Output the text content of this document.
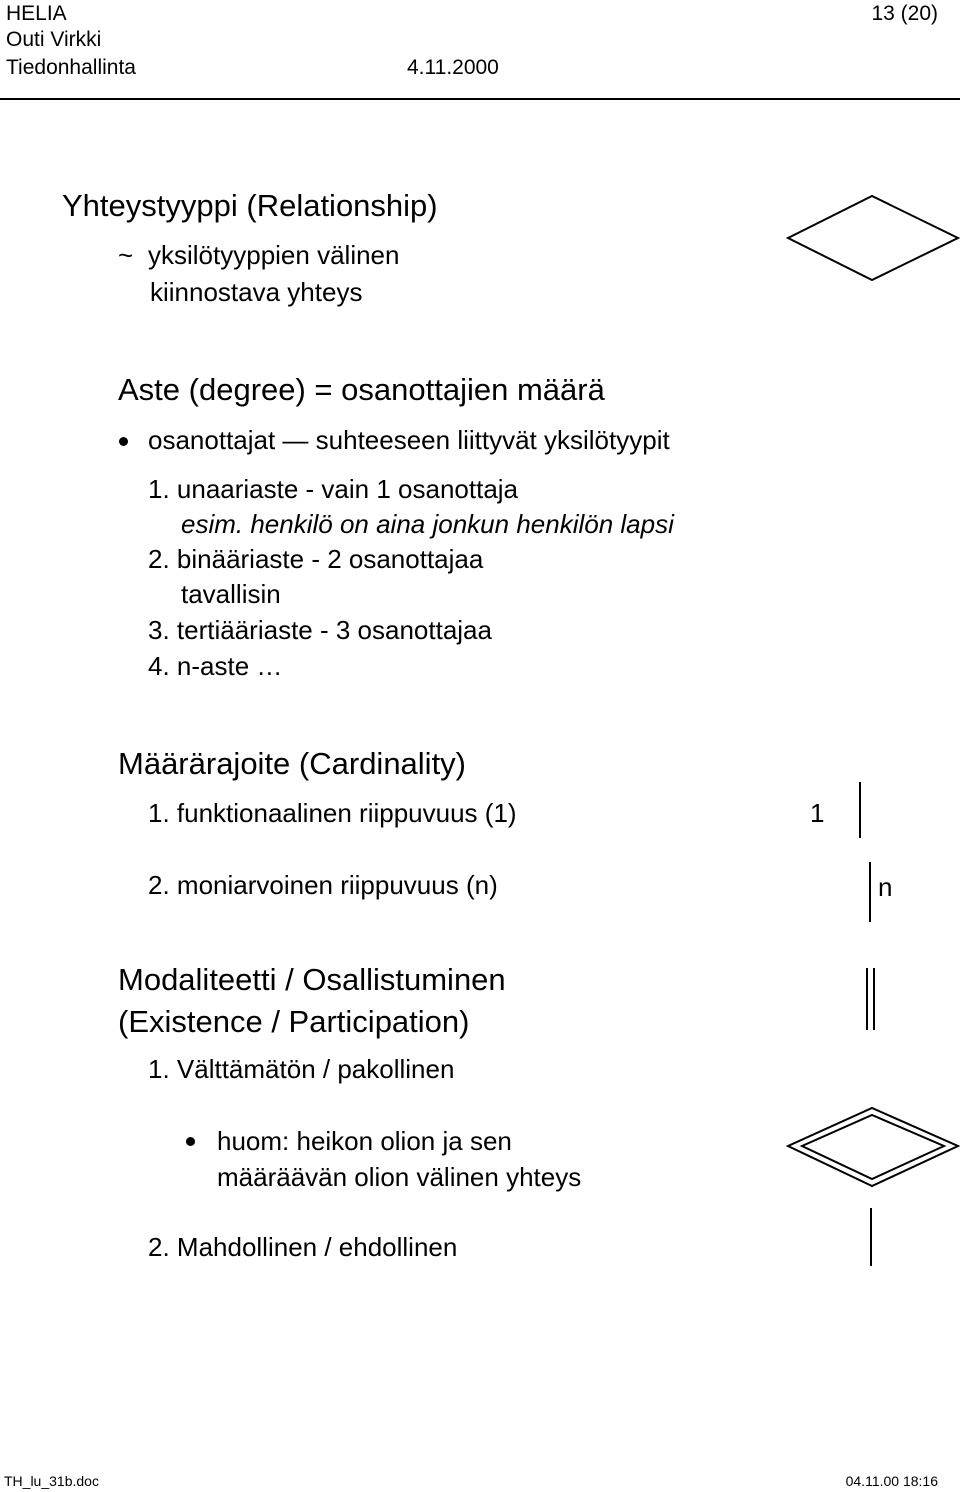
HELIA
Outi Virkki
Tiedonhallinta	4.11.2000
13 (20)
Yhteystyyppi (Relationship)
~ yksilötyyppien välinen
kiinnostava yhteys
Aste (degree) = osanottajien määrä
osanottajat — suhteeseen liittyvät yksilötyypit
1. unaariaste - vain 1 osanottaja
esim. henkilö on aina jonkun henkilön lapsi
2. binääriaste - 2 osanottajaa
tavallisin
3. tertiääriaste - 3 osanottajaa
4. n-aste …
Määrärajoite (Cardinality)
1. funktionaalinen riippuvuus (1)	1
2. moniarvoinen riippuvuus (n)	n
Modaliteetti / Osallistuminen
(Existence / Participation)
1. Välttämätön / pakollinen
huom: heikon olion ja sen
määräävän olion välinen yhteys
2. Mahdollinen / ehdollinen
TH_lu_31b.doc	04.11.00 18:16
